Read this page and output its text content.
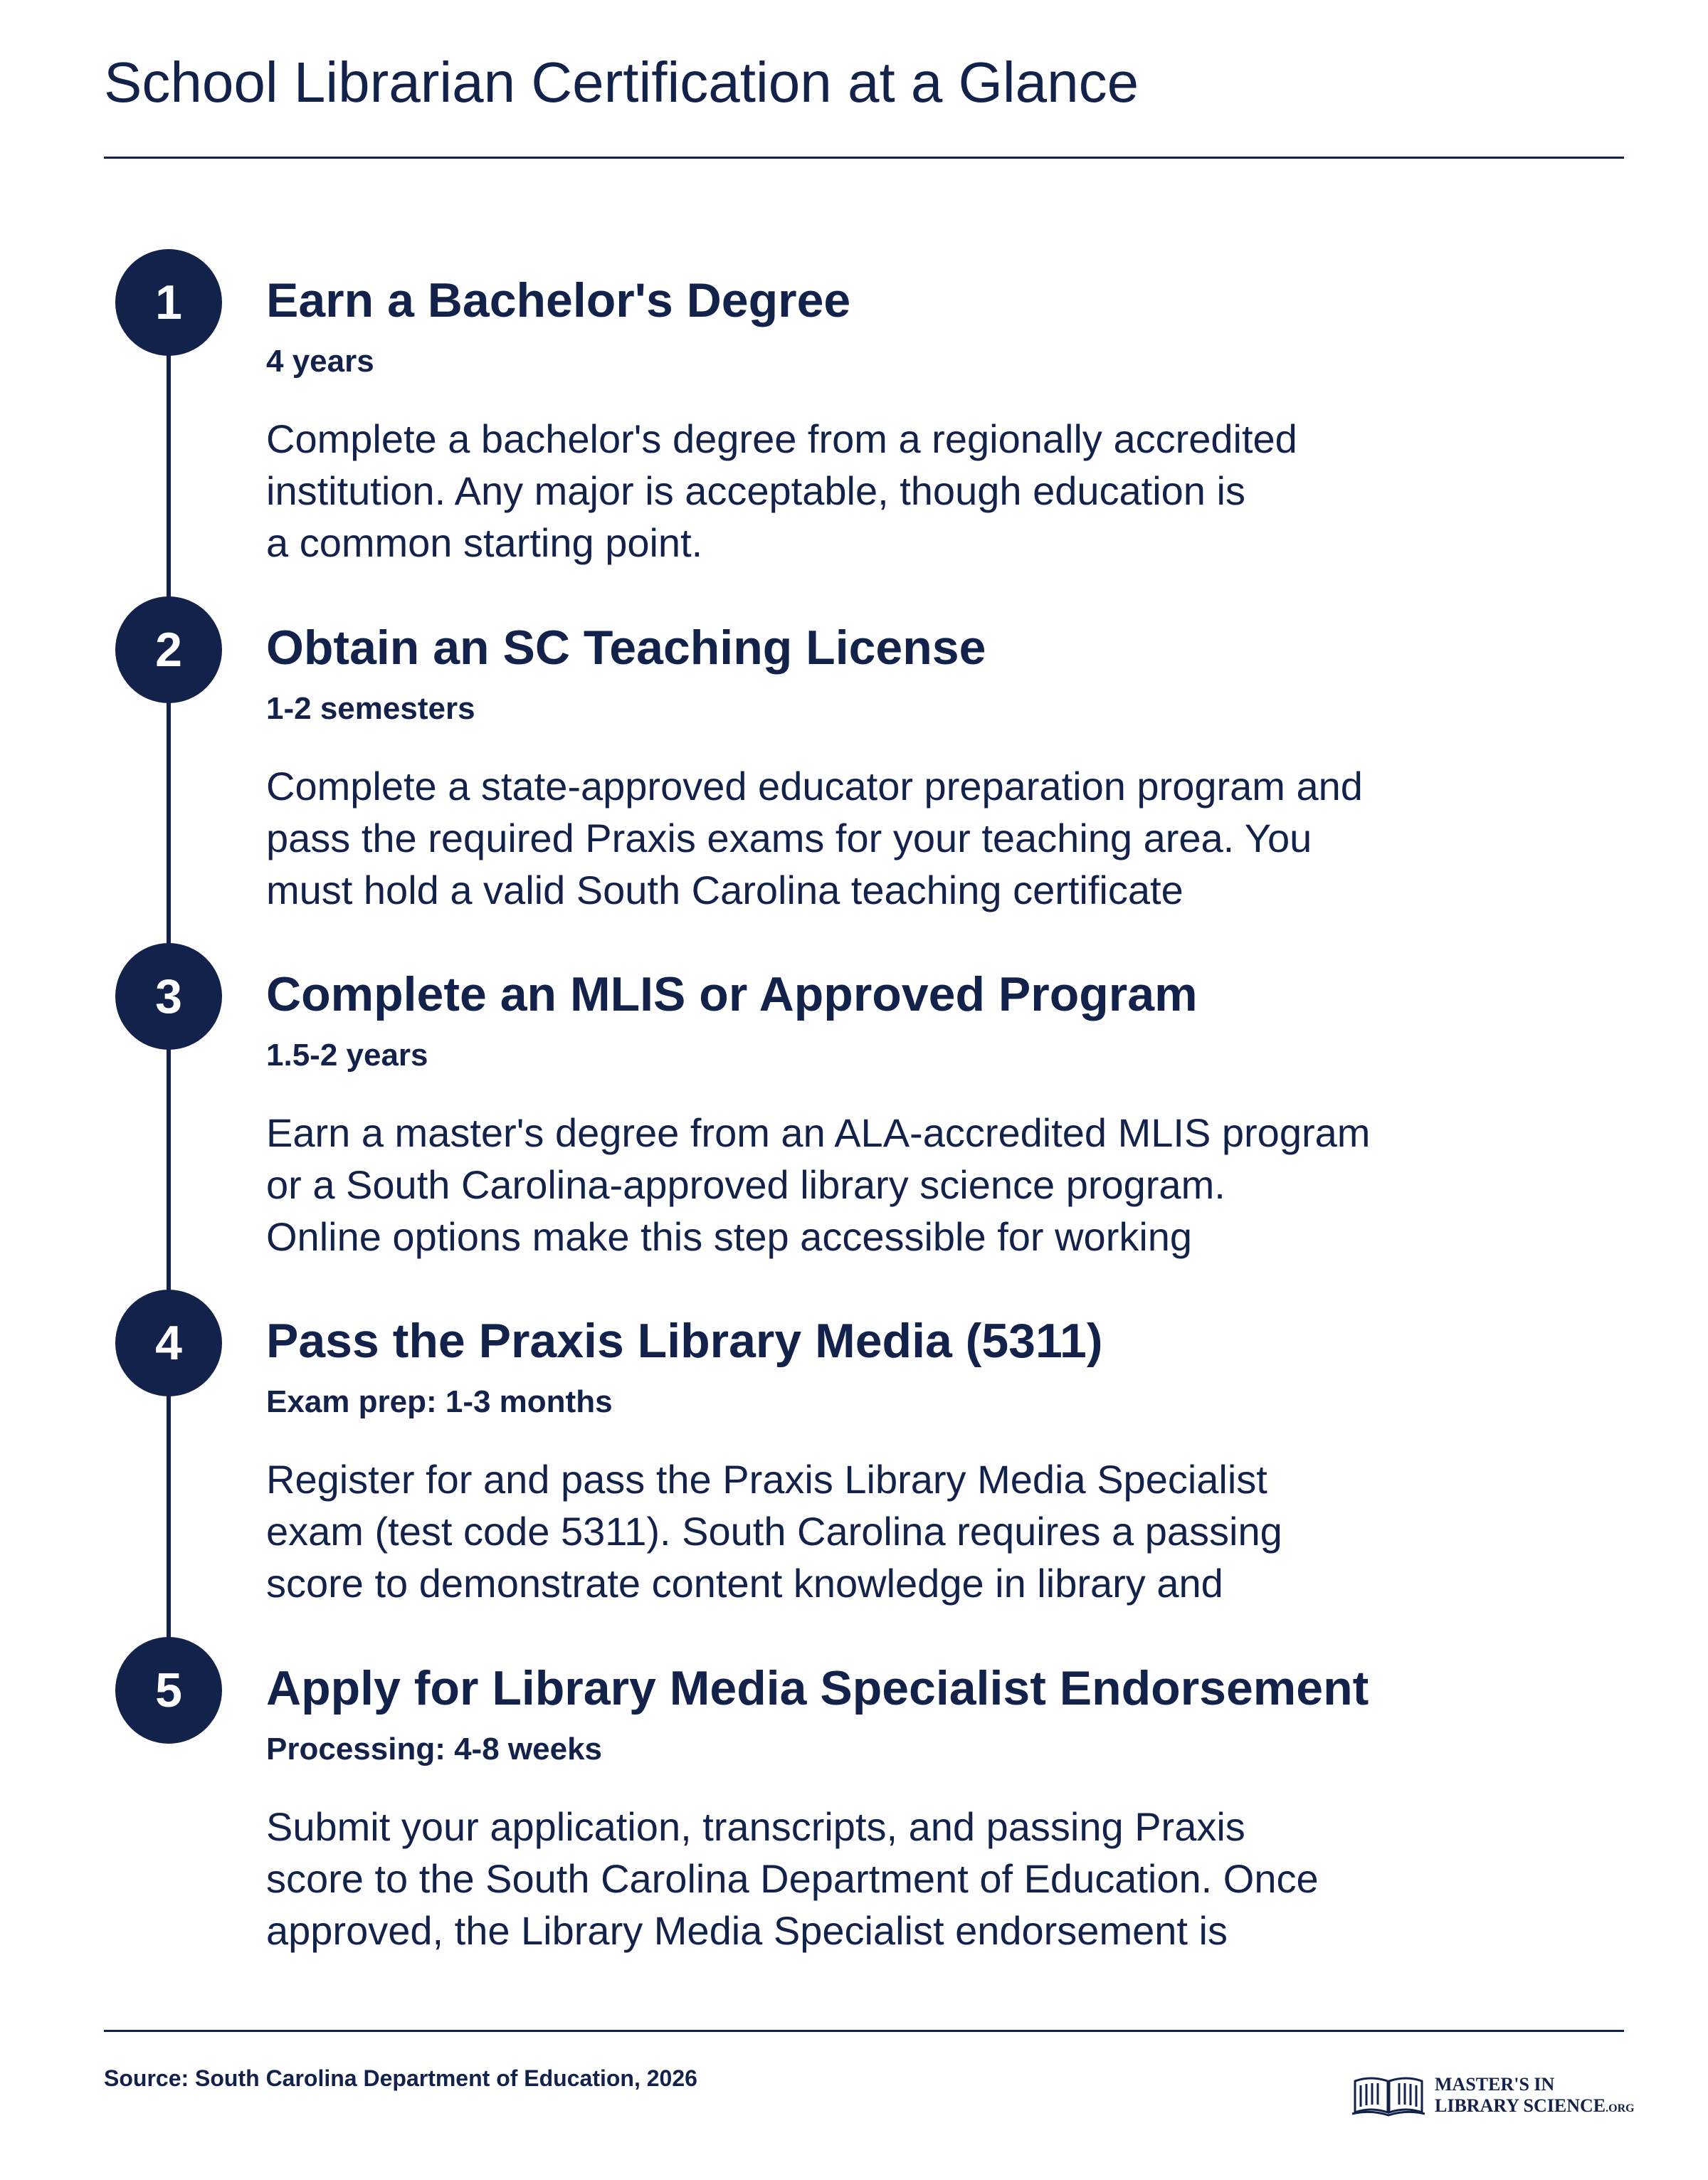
School Librarian Certification at a Glance
1	Earn a Bachelor's Degree
4 years
Complete a bachelor's degree from a regionally accredited
institution. Any major is acceptable, though education is
a common starting point.
2	Obtain an SC Teaching License
1-2 semesters
Complete a state-approved educator preparation program and
pass the required Praxis exams for your teaching area. You
must hold a valid South Carolina teaching certificate
3	Complete an MLIS or Approved Program
1.5-2 years
Earn a master's degree from an ALA-accredited MLIS program
or a South Carolina-approved library science program.
Online options make this step accessible for working
4	Pass the Praxis Library Media (5311)
Exam prep: 1-3 months
Register for and pass the Praxis Library Media Specialist
exam (test code 5311). South Carolina requires a passing
score to demonstrate content knowledge in library and
5	Apply for Library Media Specialist Endorsement
Processing: 4-8 weeks
Submit your application, transcripts, and passing Praxis
score to the South Carolina Department of Education. Once
approved, the Library Media Specialist endorsement is
Source: South Carolina Department of Education, 2026	MASTER'S IN
LIBRARY SCIENCE.ORG
